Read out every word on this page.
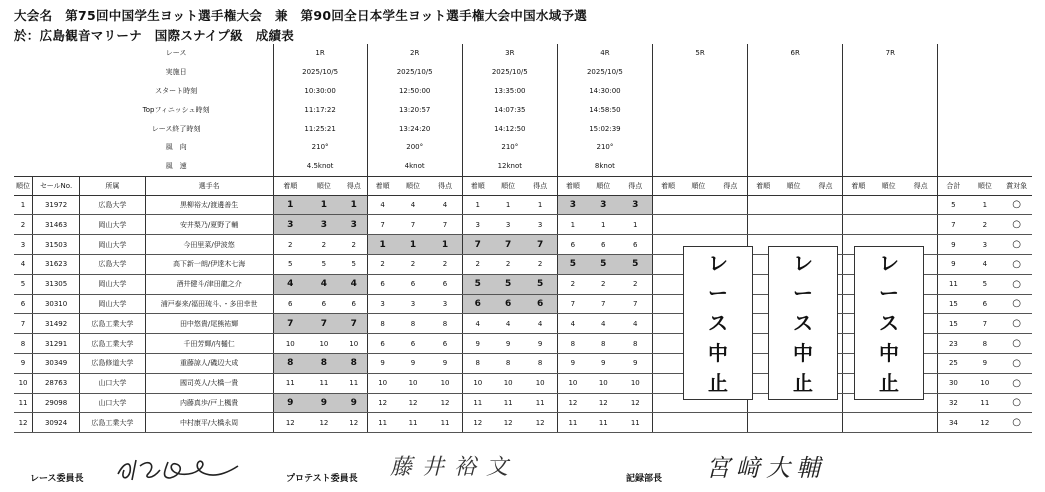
大会名　第75回中国学生ヨット選手権大会　兼　第90回全日本学生ヨット選手権大会中国水域予選
於：広島観音マリーナ　国際スナイプ級　成績表
		レース		1R			2R			3R			4R			5R			6R			7R					
		実施日		2025/10/5			2025/10/5			2025/10/5			2025/10/5														
		スタート時刻		10:30:00			12:50:00			13:35:00			14:30:00														
		Topフィニッシュ時刻		11:17:22			13:20:57			14:07:35			14:58:50														
		レース終了時刻		11:25:21			13:24:20			14:12:50			15:02:39														
		風　向		210°			200°			210°			210°														
		風　速		4.5knot			4knot			12knot			8knot														
順位	セールNo.	所属	選手名	着順	順位	得点	着順	順位	得点	着順	順位	得点	着順	順位	得点	着順	順位	得点	着順	順位	得点	着順	順位	得点	合計	順位	賞対象
1	31972	広島大学	黒柳裕太/渡邊善生	1	1	1	4	4	4	1	1	1	3	3	3										5	1	○
2	31463	岡山大学	安井梨乃/夏野了輔	3	3	3	7	7	7	3	3	3	1	1	1										7	2	○
3	31503	岡山大学	今田里菜/伊波悠	2	2	2	1	1	1	7	7	7	6	6	6										9	3	○
4	31623	広島大学	高下新一朗/伊達木七海	5	5	5	2	2	2	2	2	2	5	5	5										9	4	○
5	31305	岡山大学	酒井健斗/津田龍之介	4	4	4	6	6	6	5	5	5	2	2	2										11	5	○
6	30310	岡山大学	浦戸泰来/福田琉斗、・多田幸世	6	6	6	3	3	3	6	6	6	7	7	7										15	6	○
7	31492	広島工業大学	田中悠貴/尾熊祐輝	7	7	7	8	8	8	4	4	4	4	4	4										15	7	○
8	31291	広島工業大学	千田芳輝/内樋仁	10	10	10	6	6	6	9	9	9	8	8	8										23	8	○
9	30349	広島修道大学	重藤諒人/磯辺大成	8	8	8	9	9	9	8	8	8	9	9	9										25	9	○
10	28763	山口大学	國司英人/大橋一貴	11	11	11	10	10	10	10	10	10	10	10	10										30	10	○
11	29098	山口大学	内藤真歩/戸上楓貴	9	9	9	12	12	12	11	11	11	12	12	12										32	11	○
12	30924	広島工業大学	中村康平/大橋永周	12	12	12	11	11	11	12	12	12	11	11	11										34	12	○
レ
ー
ス
中
止
レ
ー
ス
中
止
レ
ー
ス
中
止
レース委員長	プロテスト委員長 藤井裕文	記録部長 宮﨑大輔
